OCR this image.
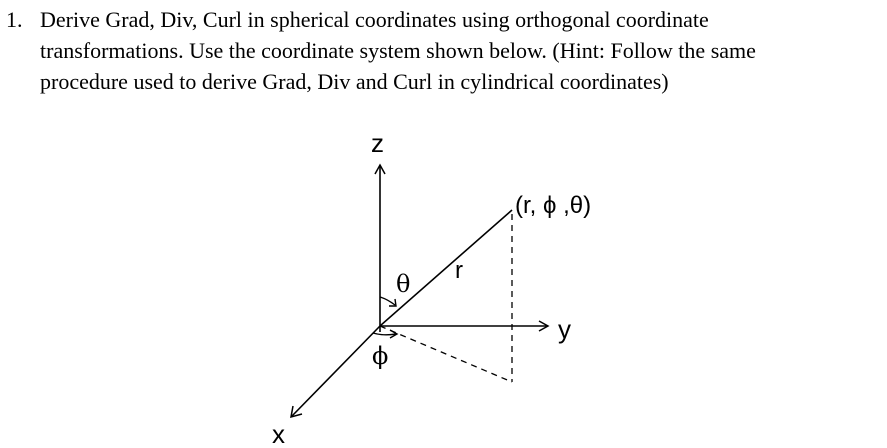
1. Derive Grad, Div, Curl in spherical coordinates using orthogonal coordinate
transformations. Use the coordinate system shown below. (Hint: Follow the same
procedure used to derive Grad, Div and Curl in cylindrical coordinates)
z
y
x
r
θ
ϕ
(r, ϕ ,θ)
